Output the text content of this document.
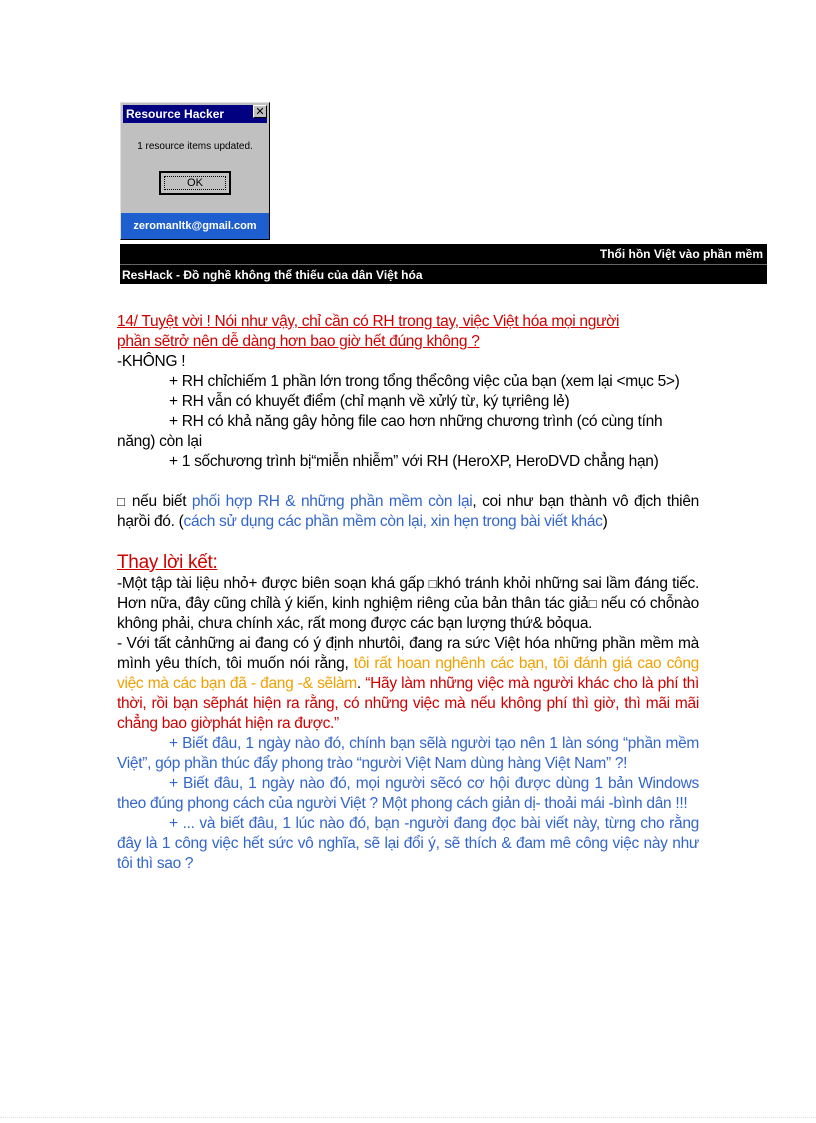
Resource Hacker	✕
1 resource items updated.
OK
zeromanltk@gmail.com
Thổi hồn Việt vào phần mềm
ResHack - Đồ nghề không thể thiếu của dân Việt hóa

14/ Tuyệt vời ! Nói như vậy, chỉ cần có RH trong tay, việc Việt hóa mọi người

phần sẽtrở nên dễ dàng hơn bao giờ hết đúng không ?

-KHÔNG !

+ RH chỉchiếm 1 phần lớn trong tổng thểcông việc của bạn (xem lại <mục 5>)

+ RH vẫn có khuyết điểm (chỉ mạnh về xửlý từ, ký tựriêng lẻ)

+ RH có khả năng gây hỏng file cao hơn những chương trình (có cùng tính năng) còn lại

+ 1 sốchương trình bị“miễn nhiễm” với RH (HeroXP, HeroDVD chẳng hạn)

□ nếu biết phối hợp RH & những phần mềm còn lại, coi như bạn thành vô địch thiên hạrồi đó. (cách sử dụng các phần mềm còn lại, xin hẹn trong bài viết khác)

Thay lời kết:

-Một tập tài liệu nhỏ+ được biên soạn khá gấp □khó tránh khỏi những sai lầm đáng tiếc. Hơn nữa, đây cũng chỉlà ý kiến, kinh nghiệm riêng của bản thân tác giả□ nếu có chỗnào không phải, chưa chính xác, rất mong được các bạn lượng thứ& bỏqua.

- Với tất cảnhững ai đang có ý định nhưtôi, đang ra sức Việt hóa những phần mềm mà mình yêu thích, tôi muốn nói rằng, tôi rất hoan nghênh các bạn, tôi đánh giá cao công việc mà các bạn đã - đang -& sẽlàm. “Hãy làm những việc mà người khác cho là phí thì thời, rồi bạn sẽphát hiện ra rằng, có những việc mà nếu không phí thì giờ, thì mãi mãi chẳng bao giờphát hiện ra được.”

+ Biết đâu, 1 ngày nào đó, chính bạn sẽlà người tạo nên 1 làn sóng “phần mềm Việt”, góp phần thúc đẩy phong trào “người Việt Nam dùng hàng Việt Nam” ?!

+ Biết đâu, 1 ngày nào đó, mọi người sẽcó cơ hội được dùng 1 bản Windows theo đúng phong cách của người Việt ? Một phong cách giản dị- thoải mái -bình dân !!!

+ ... và biết đâu, 1 lúc nào đó, bạn -người đang đọc bài viết này, từng cho rằng đây là 1 công việc hết sức vô nghĩa, sẽ lại đổi ý, sẽ thích & đam mê công việc này như tôi thì sao ?
